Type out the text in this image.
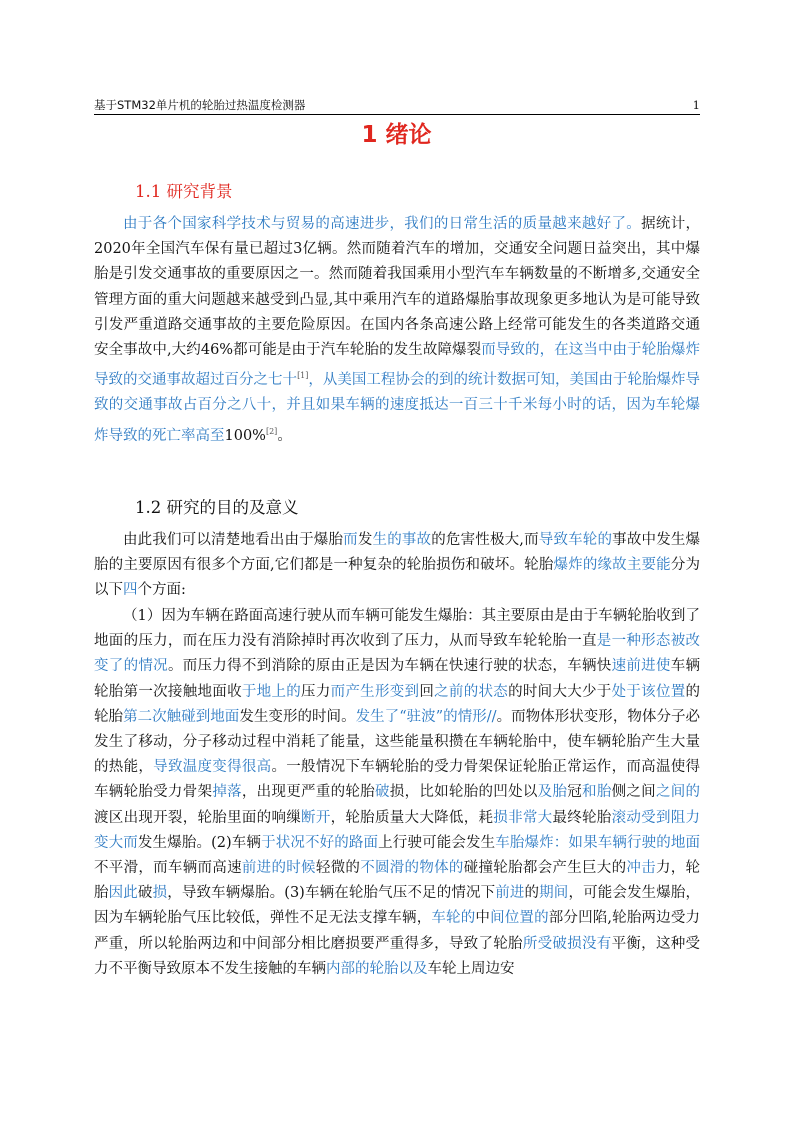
基于STM32单片机的轮胎过热温度检测器	1
1 绪论
1.1 研究背景

由于各个国家科学技术与贸易的高速进步，我们的日常生活的质量越来越好了。据统计，2020年全国汽车保有量已超过3亿辆。然而随着汽车的增加，交通安全问题日益突出，其中爆胎是引发交通事故的重要原因之一。然而随着我国乘用小型汽车车辆数量的不断增多,交通安全管理方面的重大问题越来越受到凸显,其中乘用汽车的道路爆胎事故现象更多地认为是可能导致引发严重道路交通事故的主要危险原因。在国内各条高速公路上经常可能发生的各类道路交通安全事故中,大约46%都可能是由于汽车轮胎的发生故障爆裂而导致的，在这当中由于轮胎爆炸导致的交通事故超过百分之七十[1]，从美国工程协会的到的统计数据可知，美国由于轮胎爆炸导致的交通事故占百分之八十，并且如果车辆的速度抵达一百三十千米每小时的话，因为车轮爆炸导致的死亡率高至100%[2]。

1.2 研究的目的及意义

由此我们可以清楚地看出由于爆胎而发生的事故的危害性极大,而导致车轮的事故中发生爆胎的主要原因有很多个方面,它们都是一种复杂的轮胎损伤和破坏。轮胎爆炸的缘故主要能分为以下四个方面:

（1）因为车辆在路面高速行驶从而车辆可能发生爆胎：其主要原由是由于车辆轮胎收到了地面的压力，而在压力没有消除掉时再次收到了压力，从而导致车轮轮胎一直是一种形态被改变了的情况。而压力得不到消除的原由正是因为车辆在快速行驶的状态，车辆快速前进使车辆轮胎第一次接触地面收于地上的压力而产生形变到回之前的状态的时间大大少于处于该位置的轮胎第二次触碰到地面发生变形的时间。发生了“驻波”的情形//。而物体形状变形，物体分子必发生了移动，分子移动过程中消耗了能量，这些能量积攒在车辆轮胎中，使车辆轮胎产生大量的热能，导致温度变得很高。一般情况下车辆轮胎的受力骨架保证轮胎正常运作，而高温使得车辆轮胎受力骨架掉落，出现更严重的轮胎破损，比如轮胎的凹处以及胎冠和胎侧之间之间的渡区出现开裂，轮胎里面的响缫断开，轮胎质量大大降低，耗损非常大最终轮胎滚动受到阻力变大而发生爆胎。(2)车辆于状况不好的路面上行驶可能会发生车胎爆炸：如果车辆行驶的地面不平滑，而车辆而高速前进的时候轻微的不圆滑的物体的碰撞轮胎都会产生巨大的冲击力，轮胎因此破损，导致车辆爆胎。(3)车辆在轮胎气压不足的情况下前进的期间，可能会发生爆胎，因为车辆轮胎气压比较低，弹性不足无法支撑车辆，车轮的中间位置的部分凹陷,轮胎两边受力严重，所以轮胎两边和中间部分相比磨损要严重得多，导致了轮胎所受破损没有平衡，这种受力不平衡导致原本不发生接触的车辆内部的轮胎以及车轮上周边安
